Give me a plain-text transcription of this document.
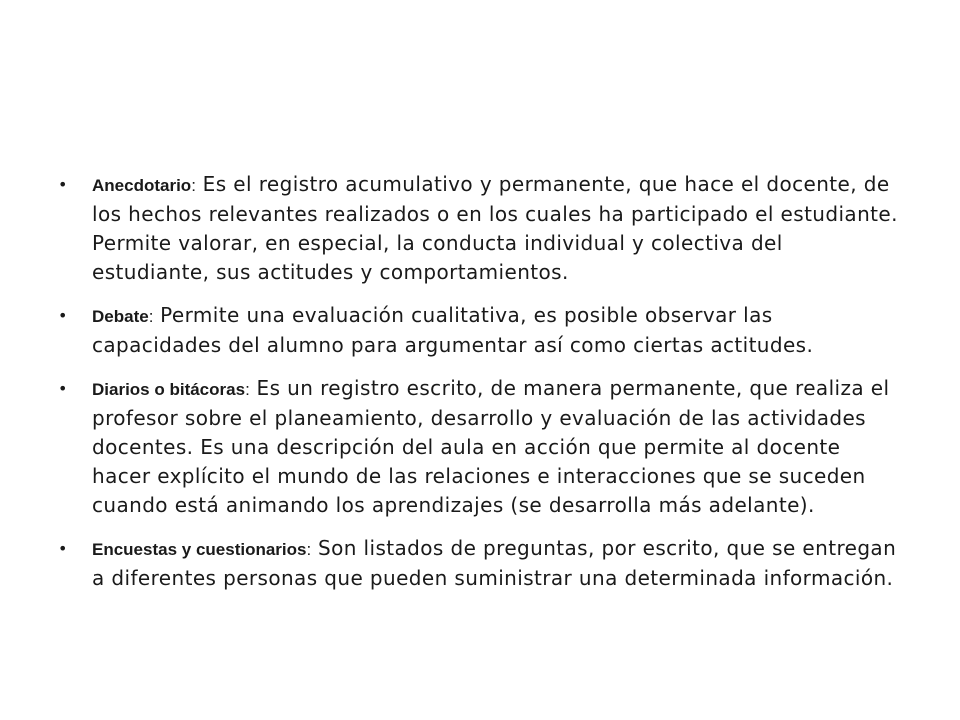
• Anecdotario: Es el registro acumulativo y permanente, que hace el docente, de los hechos relevantes realizados o en los cuales ha participado el estudiante. Permite valorar, en especial, la conducta individual y colectiva del estudiante, sus actitudes y comportamientos.
• Debate: Permite una evaluación cualitativa, es posible observar las capacidades del alumno para argumentar así como ciertas actitudes.
• Diarios o bitácoras: Es un registro escrito, de manera permanente, que realiza el profesor sobre el planeamiento, desarrollo y evaluación de las actividades docentes. Es una descripción del aula en acción que permite al docente hacer explícito el mundo de las relaciones e interacciones que se suceden cuando está animando los aprendizajes (se desarrolla más adelante).
• Encuestas y cuestionarios: Son listados de preguntas, por escrito, que se entregan a diferentes personas que pueden suministrar una determinada información.
